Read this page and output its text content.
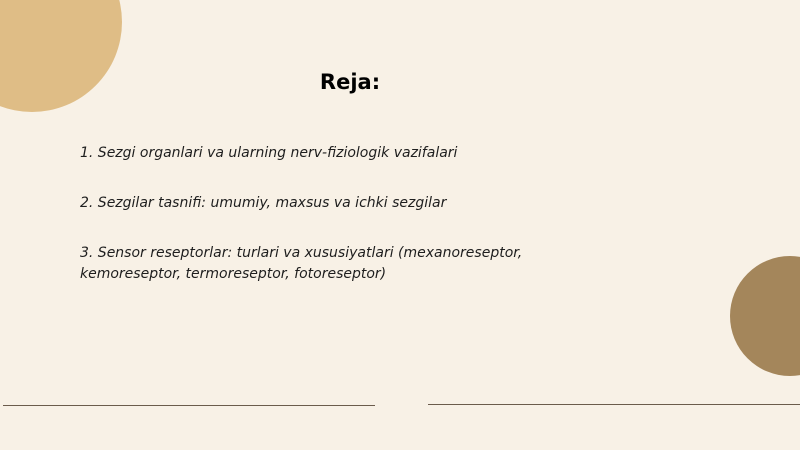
Reja:

1. Sezgi organlari va ularning nerv-fiziologik vazifalari

2. Sezgilar tasnifi: umumiy, maxsus va ichki sezgilar

3. Sensor reseptorlar: turlari va xususiyatlari (mexanoreseptor, kemoreseptor, termoreseptor, fotoreseptor)
